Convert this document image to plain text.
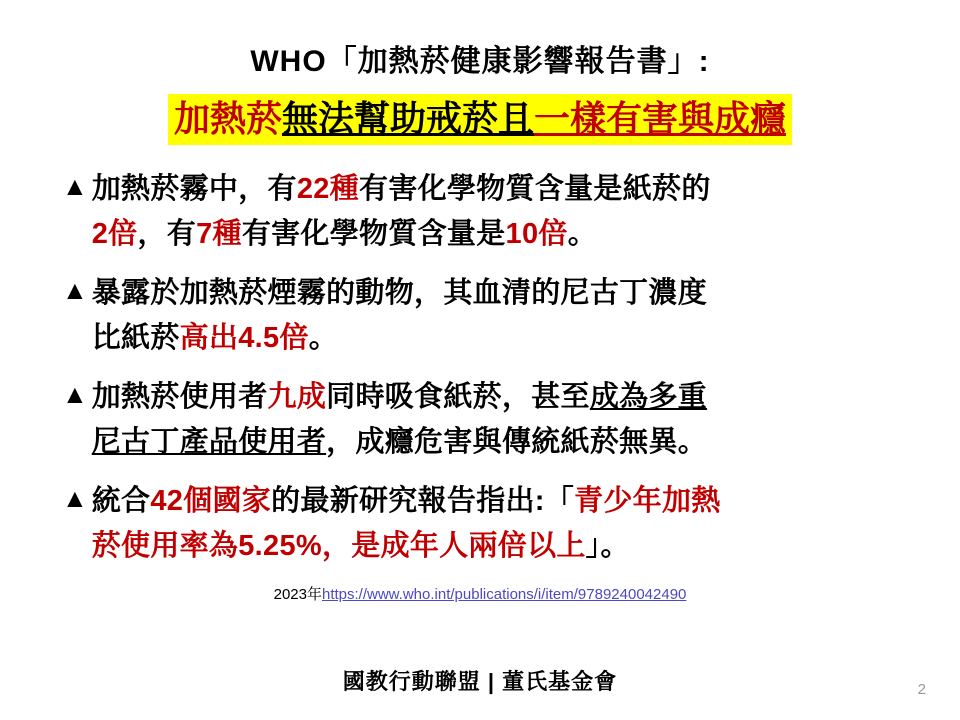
WHO「加熱菸健康影響報告書」:
加熱菸無法幫助戒菸且一樣有害與成癮
▲ 加熱菸霧中，有22種有害化學物質含量是紙菸的
2倍，有7種有害化學物質含量是10倍。
▲ 暴露於加熱菸煙霧的動物，其血清的尼古丁濃度
比紙菸高出4.5倍。
▲ 加熱菸使用者九成同時吸食紙菸，甚至成為多重
尼古丁產品使用者，成癮危害與傳統紙菸無異。
▲ 統合42個國家的最新研究報告指出:「青少年加熱
菸使用率為5.25%，是成年人兩倍以上」。
2023年https://www.who.int/publications/i/item/9789240042490
國教行動聯盟 | 董氏基金會	2
